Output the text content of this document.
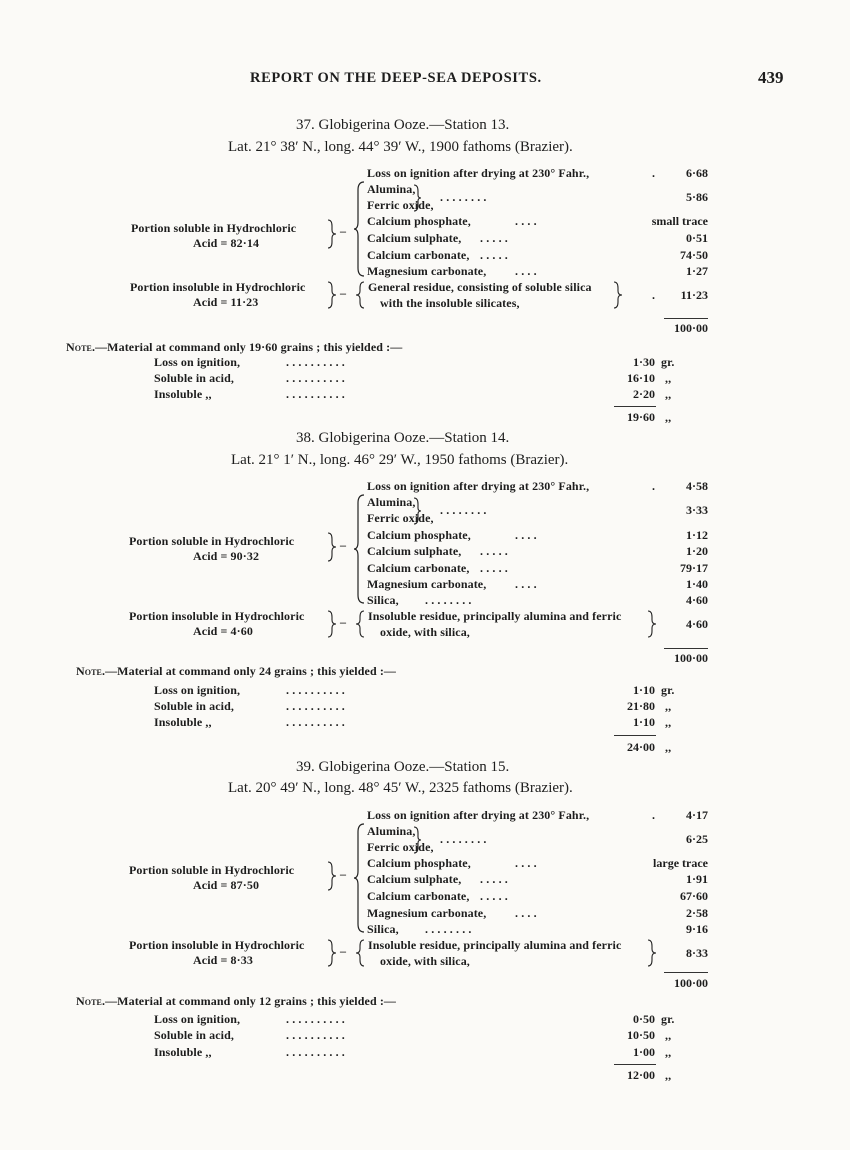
REPORT ON THE DEEP-SEA DEPOSITS.	439
37. Globigerina Ooze.—Station 13.
Lat. 21° 38′ N., long. 44° 39′ W., 1900 fathoms (Brazier).
Loss on ignition after drying at 230° Fahr.,	.	6·68
Alumina,
Ferric oxide,
. . . . . . . .	5·86
Portion soluble in Hydrochloric
Acid = 82·14
–
Calcium phosphate,	. . . .	small trace
Calcium sulphate, . . . . .	0·51
Calcium carbonate, . . . . .	74·50
Magnesium carbonate, . . . .	1·27
Portion insoluble in Hydrochloric
Acid = 11·23
– General residue, consisting of soluble silica
with the insoluble silicates,
. 11·23
100·00
Note.—Material at command only 19·60 grains ; this yielded :—
Loss on ignition,	. . . . . . . . . .	1·30 gr.
Soluble in acid,	. . . . . . . . . .	16·10 ,,
Insoluble ,,	. . . . . . . . . .	2·20 ,,
19·60 ,,
38. Globigerina Ooze.—Station 14.
Lat. 21° 1′ N., long. 46° 29′ W., 1950 fathoms (Brazier).
Loss on ignition after drying at 230° Fahr.,	.	4·58
Alumina,
Ferric oxide,
. . . . . . . .	3·33
Portion soluble in Hydrochloric
Acid = 90·32
–
Calcium phosphate,	. . . .	1·12
Calcium sulphate, . . . . .	1·20
Calcium carbonate, . . . . .	79·17
Magnesium carbonate, . . . .	1·40
Silica, . . . . . . . .	4·60
Portion insoluble in Hydrochloric
Acid = 4·60
– Insoluble residue, principally alumina and ferric
oxide, with silica,
4·60
100·00
Note.—Material at command only 24 grains ; this yielded :—
Loss on ignition,	. . . . . . . . . .	1·10 gr.
Soluble in acid,	. . . . . . . . . .	21·80 ,,
Insoluble ,,	. . . . . . . . . .	1·10 ,,
24·00 ,,
39. Globigerina Ooze.—Station 15.
Lat. 20° 49′ N., long. 48° 45′ W., 2325 fathoms (Brazier).
Loss on ignition after drying at 230° Fahr.,	.	4·17
Alumina,
Ferric oxide,
. . . . . . . .	6·25
Portion soluble in Hydrochloric
Acid = 87·50
–
Calcium phosphate,	. . . .	large trace
Calcium sulphate, . . . . .	1·91
Calcium carbonate, . . . . .	67·60
Magnesium carbonate, . . . .	2·58
Silica, . . . . . . . .	9·16
Portion insoluble in Hydrochloric
Acid = 8·33
– Insoluble residue, principally alumina and ferric
oxide, with silica,
8·33
100·00
Note.—Material at command only 12 grains ; this yielded :—
Loss on ignition,	. . . . . . . . . .	0·50 gr.
Soluble in acid,	. . . . . . . . . .	10·50 ,,
Insoluble ,,	. . . . . . . . . .	1·00 ,,
12·00 ,,
